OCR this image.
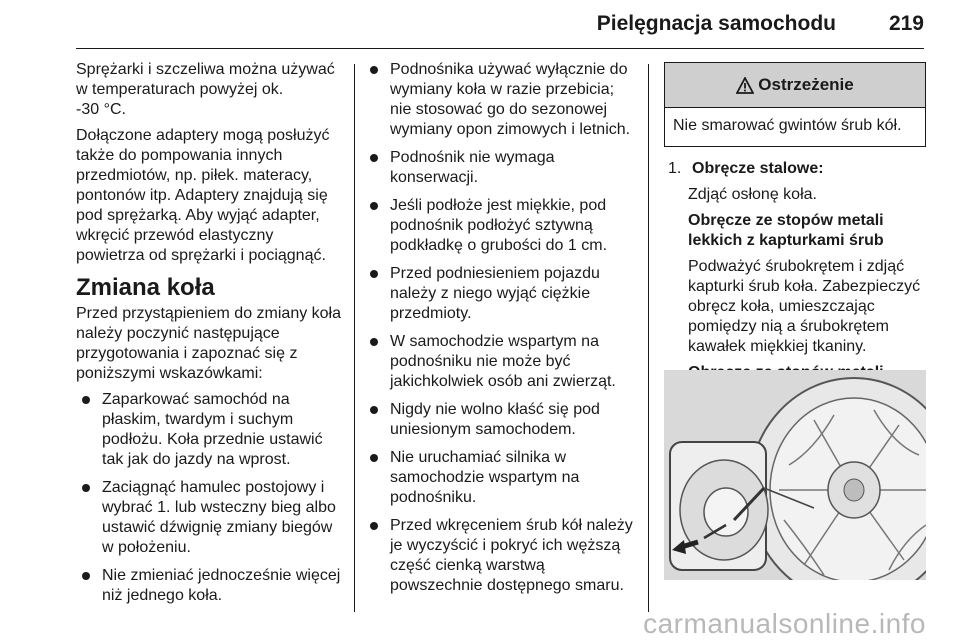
Pielęgnacja samochodu	219

Sprężarki i szczeliwa można używać w temperaturach powyżej ok.

-30 °C.

Dołączone adaptery mogą posłużyć także do pompowania innych przedmiotów, np. piłek. materacy, pontonów itp. Adaptery znajdują się pod sprężarką. Aby wyjąć adapter, wkręcić przewód elastyczny powietrza od sprężarki i pociągnąć.

Zmiana koła

Przed przystąpieniem do zmiany koła należy poczynić następujące przygotowania i zapoznać się z poniższymi wskazówkami:

Zaparkować samochód na płaskim, twardym i suchym podłożu. Koła przednie ustawić tak jak do jazdy na wprost.
Zaciągnąć hamulec postojowy i wybrać 1. lub wsteczny bieg albo ustawić dźwignię zmiany biegów w położeniu.
Nie zmieniać jednocześnie więcej niż jednego koła.
Podnośnika używać wyłącznie do wymiany koła w razie przebicia; nie stosować go do sezonowej wymiany opon zimowych i letnich.
Podnośnik nie wymaga konserwacji.
Jeśli podłoże jest miękkie, pod podnośnik podłożyć sztywną podkładkę o grubości do 1 cm.
Przed podniesieniem pojazdu należy z niego wyjąć ciężkie przedmioty.
W samochodzie wspartym na podnośniku nie może być jakichkolwiek osób ani zwierząt.
Nigdy nie wolno kłaść się pod uniesionym samochodem.
Nie uruchamiać silnika w samochodzie wspartym na podnośniku.
Przed wkręceniem śrub kół należy je wyczyścić i pokryć ich węższą część cienką warstwą powszechnie dostępnego smaru.
Ostrzeżenie
Nie smarować gwintów śrub kół.
1. Obręcze stalowe:
Zdjąć osłonę koła.
Obręcze ze stopów metali lekkich z kapturkami śrub
Podważyć śrubokrętem i zdjąć kapturki śrub koła. Zabezpieczyć obręcz koła, umieszczając pomiędzy nią a śrubokrętem kawałek miękkiej tkaniny.
carmanualsonline.info
